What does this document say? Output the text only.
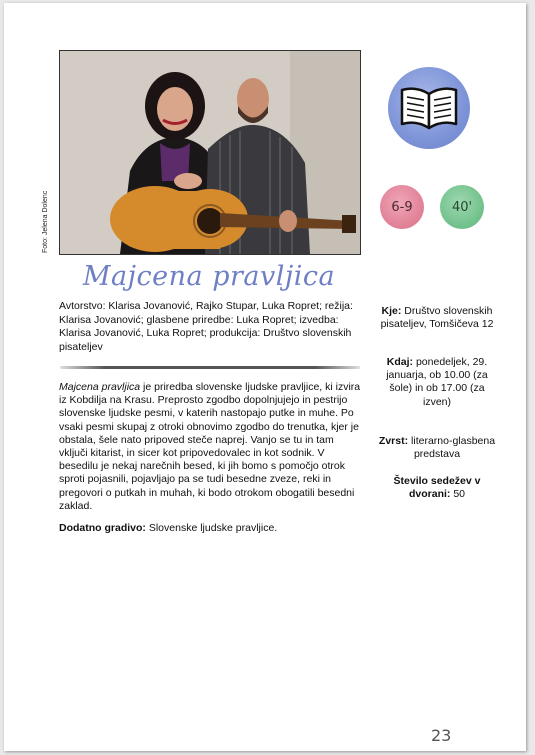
Foto: Jelena Dolenc	6-9	40'
Majcena pravljica
Avtorstvo: Klarisa Jovanović, Rajko Stupar, Luka Ropret; režija: Klarisa Jovanović; glasbene priredbe: Luka Ropret; izvedba: Klarisa Jovanović, Luka Ropret; produkcija: Društvo slovenskih pisateljev

Majcena pravljica je priredba slovenske ljudske pravljice, ki izvira iz Kobdilja na Krasu. Preprosto zgodbo dopolnjujejo in pestrijo slovenske ljudske pesmi, v katerih nastopajo putke in muhe. Po vsaki pesmi skupaj z otroki obnovimo zgodbo do trenutka, kjer je obstala, šele nato pripoved steče naprej. Vanjo se tu in tam vključi kitarist, in sicer kot pripovedovalec in kot sodnik. V besedilu je nekaj narečnih besed, ki jih bomo s pomočjo otrok sproti pojasnili, pojavljajo pa se tudi besedne zveze, reki in pregovori o putkah in muhah, ki bodo otrokom obogatili besedni zaklad.

Dodatno gradivo: Slovenske ljudske pravljice.
Kje: Društvo slovenskih pisateljev, Tomšičeva 12
Kdaj: ponedeljek, 29. januarja, ob 10.00 (za šole) in ob 17.00 (za izven)
Zvrst: literarno-glasbena predstava
Število sedežev v dvorani: 50
23
